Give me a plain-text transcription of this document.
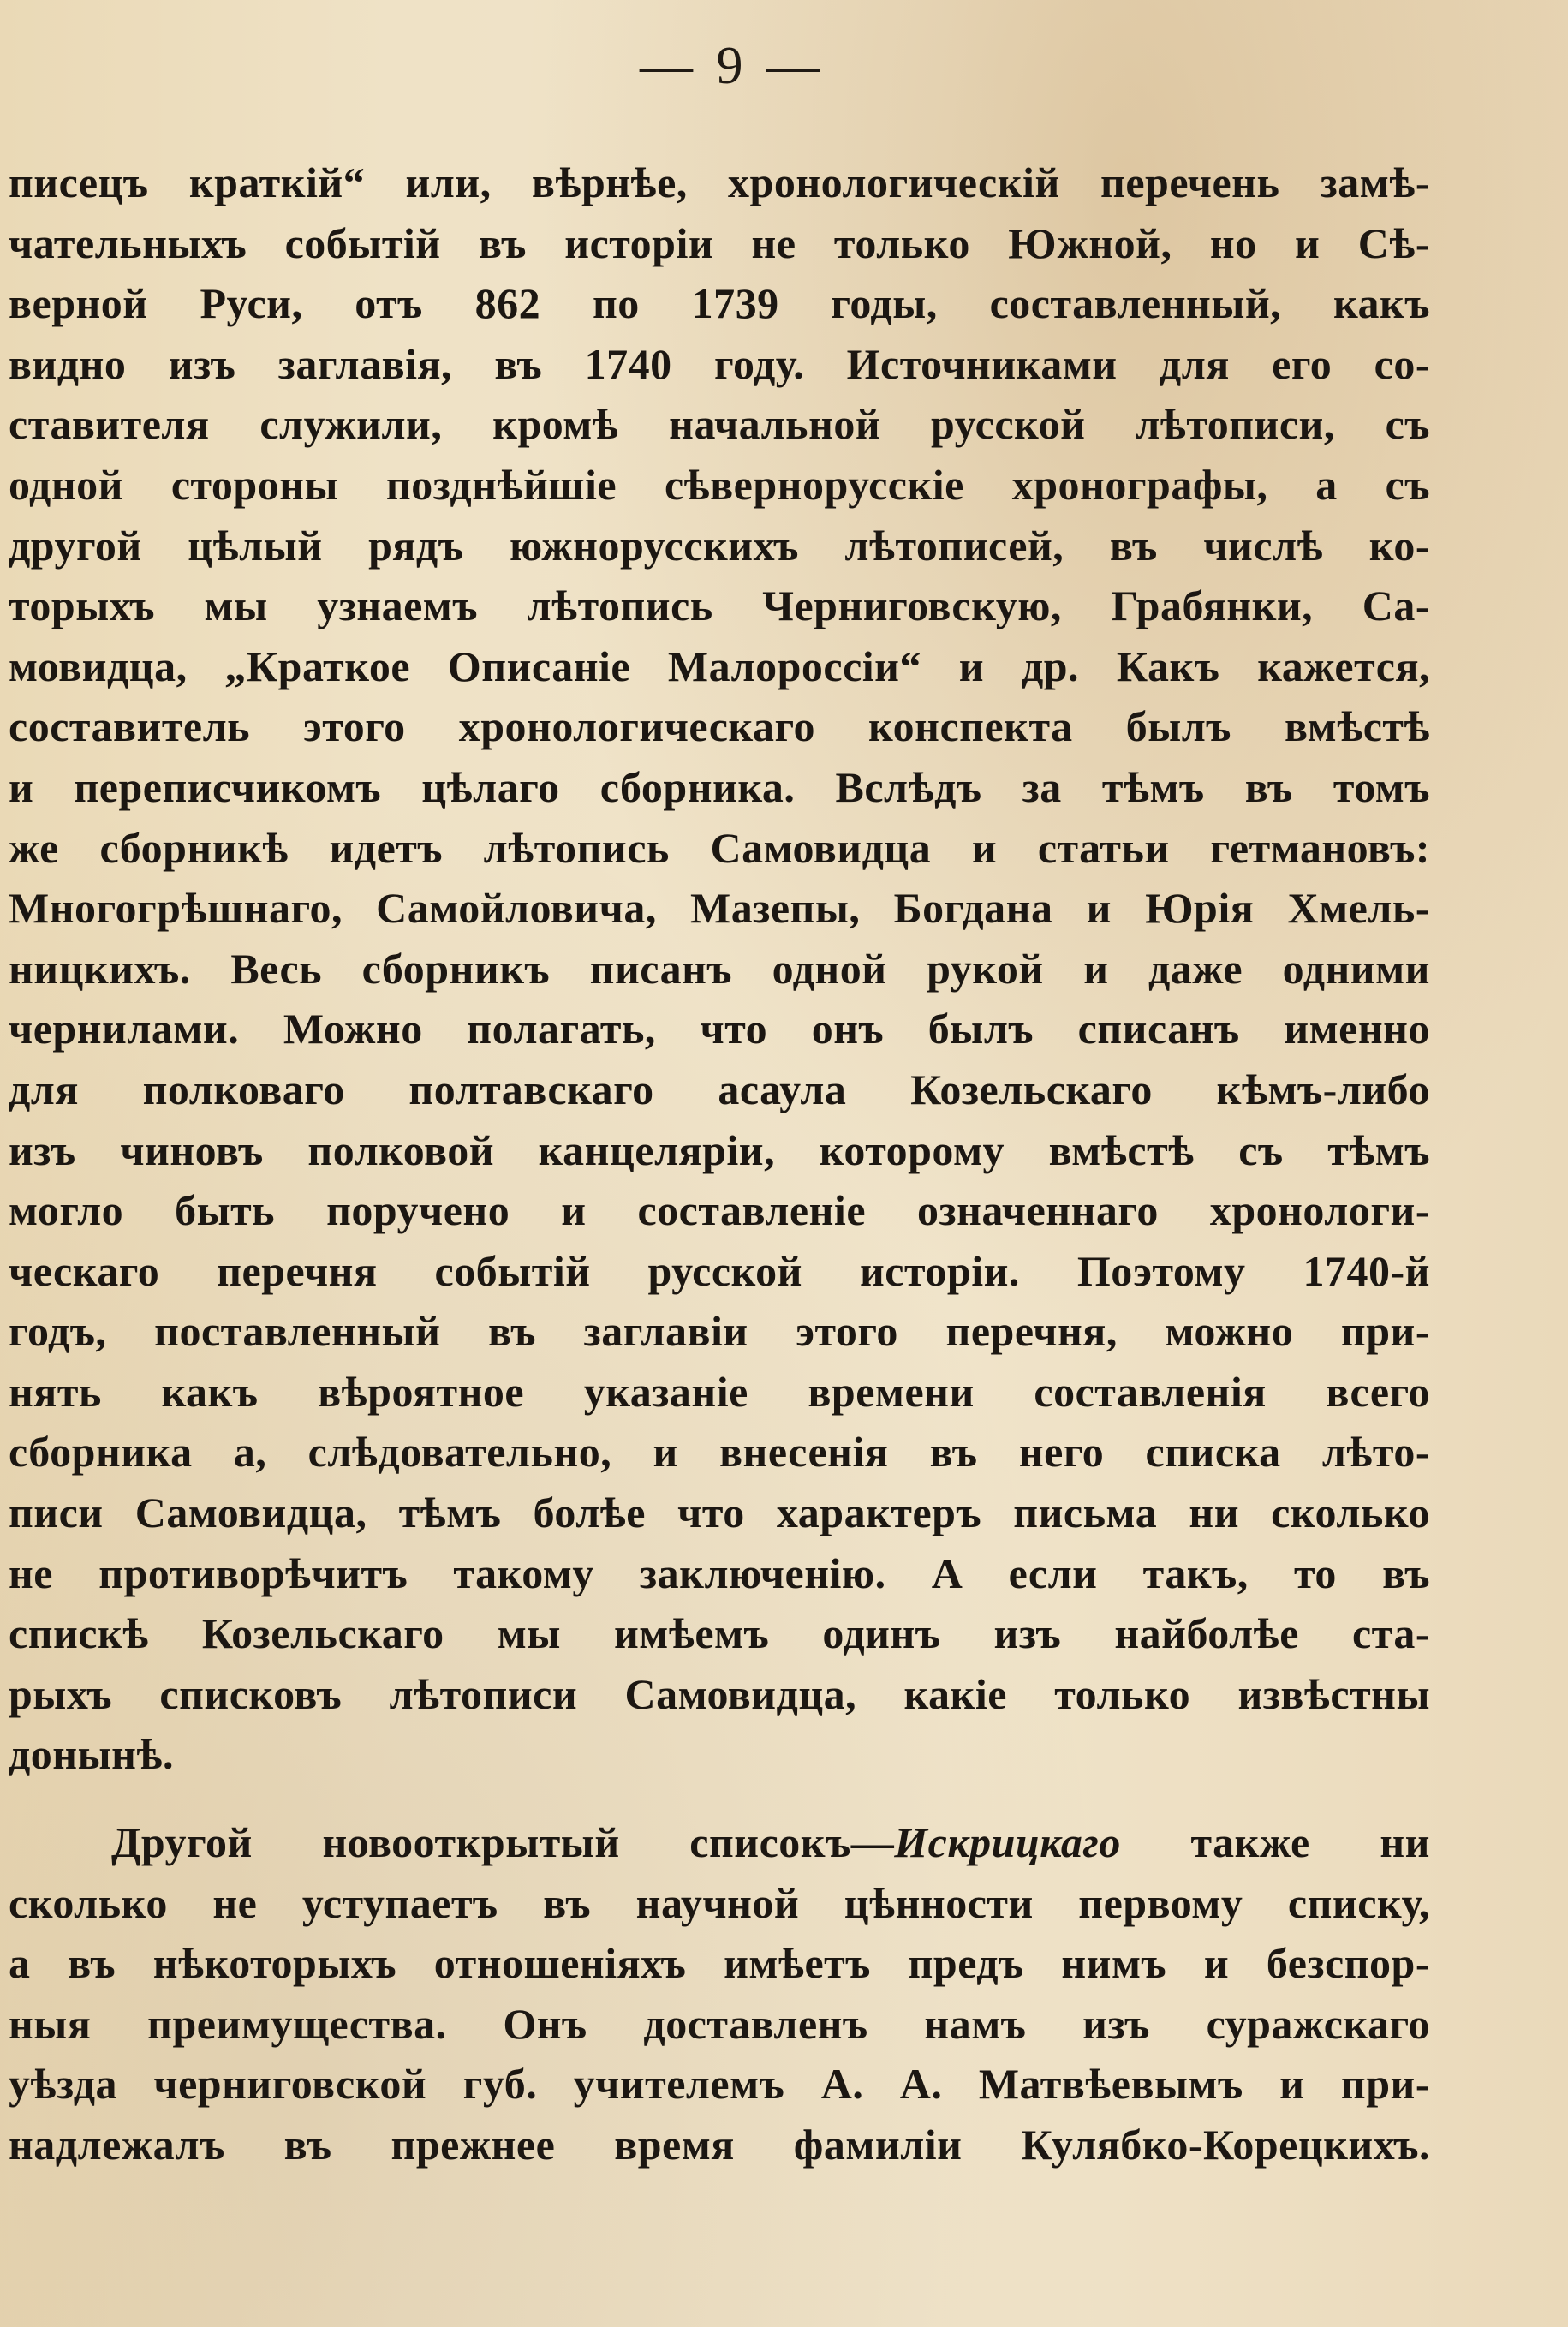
— 9 —
писецъ краткій“ или, вѣрнѣе, хронологическій перечень замѣ-
чательныхъ событій въ исторіи не только Южной, но и Сѣ-
верной Руси, отъ 862 по 1739 годы, составленный, какъ
видно изъ заглавія, въ 1740 году. Источниками для его со-
ставителя служили, кромѣ начальной русской лѣтописи, съ
одной стороны позднѣйшіе сѣвернорусскіе хронографы, а съ
другой цѣлый рядъ южнорусскихъ лѣтописей, въ числѣ ко-
торыхъ мы узнаемъ лѣтопись Черниговскую, Грабянки, Са-
мовидца, „Краткое Описаніе Малороссіи“ и др. Какъ кажется,
составитель этого хронологическаго конспекта былъ вмѣстѣ
и переписчикомъ цѣлаго сборника. Вслѣдъ за тѣмъ въ томъ
же сборникѣ идетъ лѣтопись Самовидца и статьи гетмановъ:
Многогрѣшнаго, Самойловича, Мазепы, Богдана и Юрія Хмель-
ницкихъ. Весь сборникъ писанъ одной рукой и даже одними
чернилами. Можно полагать, что онъ былъ списанъ именно
для полковаго полтавскаго асаула Козельскаго кѣмъ-либо
изъ чиновъ полковой канцеляріи, которому вмѣстѣ съ тѣмъ
могло быть поручено и составленіе означеннаго хронологи-
ческаго перечня событій русской исторіи. Поэтому 1740-й
годъ, поставленный въ заглавіи этого перечня, можно при-
нять какъ вѣроятное указаніе времени составленія всего
сборника а, слѣдовательно, и внесенія въ него списка лѣто-
писи Самовидца, тѣмъ болѣе что характеръ письма ни сколько
не противорѣчитъ такому заключенію. А если такъ, то въ
спискѣ Козельскаго мы имѣемъ одинъ изъ найболѣе ста-
рыхъ списковъ лѣтописи Самовидца, какіе только извѣстны
донынѣ.
Другой новооткрытый списокъ—Искрицкаго также ни
сколько не уступаетъ въ научной цѣнности первому списку,
а въ нѣкоторыхъ отношеніяхъ имѣетъ предъ нимъ и безспор-
ныя преимущества. Онъ доставленъ намъ изъ суражскаго
уѣзда черниговской губ. учителемъ А. А. Матвѣевымъ и при-
надлежалъ въ прежнее время фамиліи Кулябко-Корецкихъ.
